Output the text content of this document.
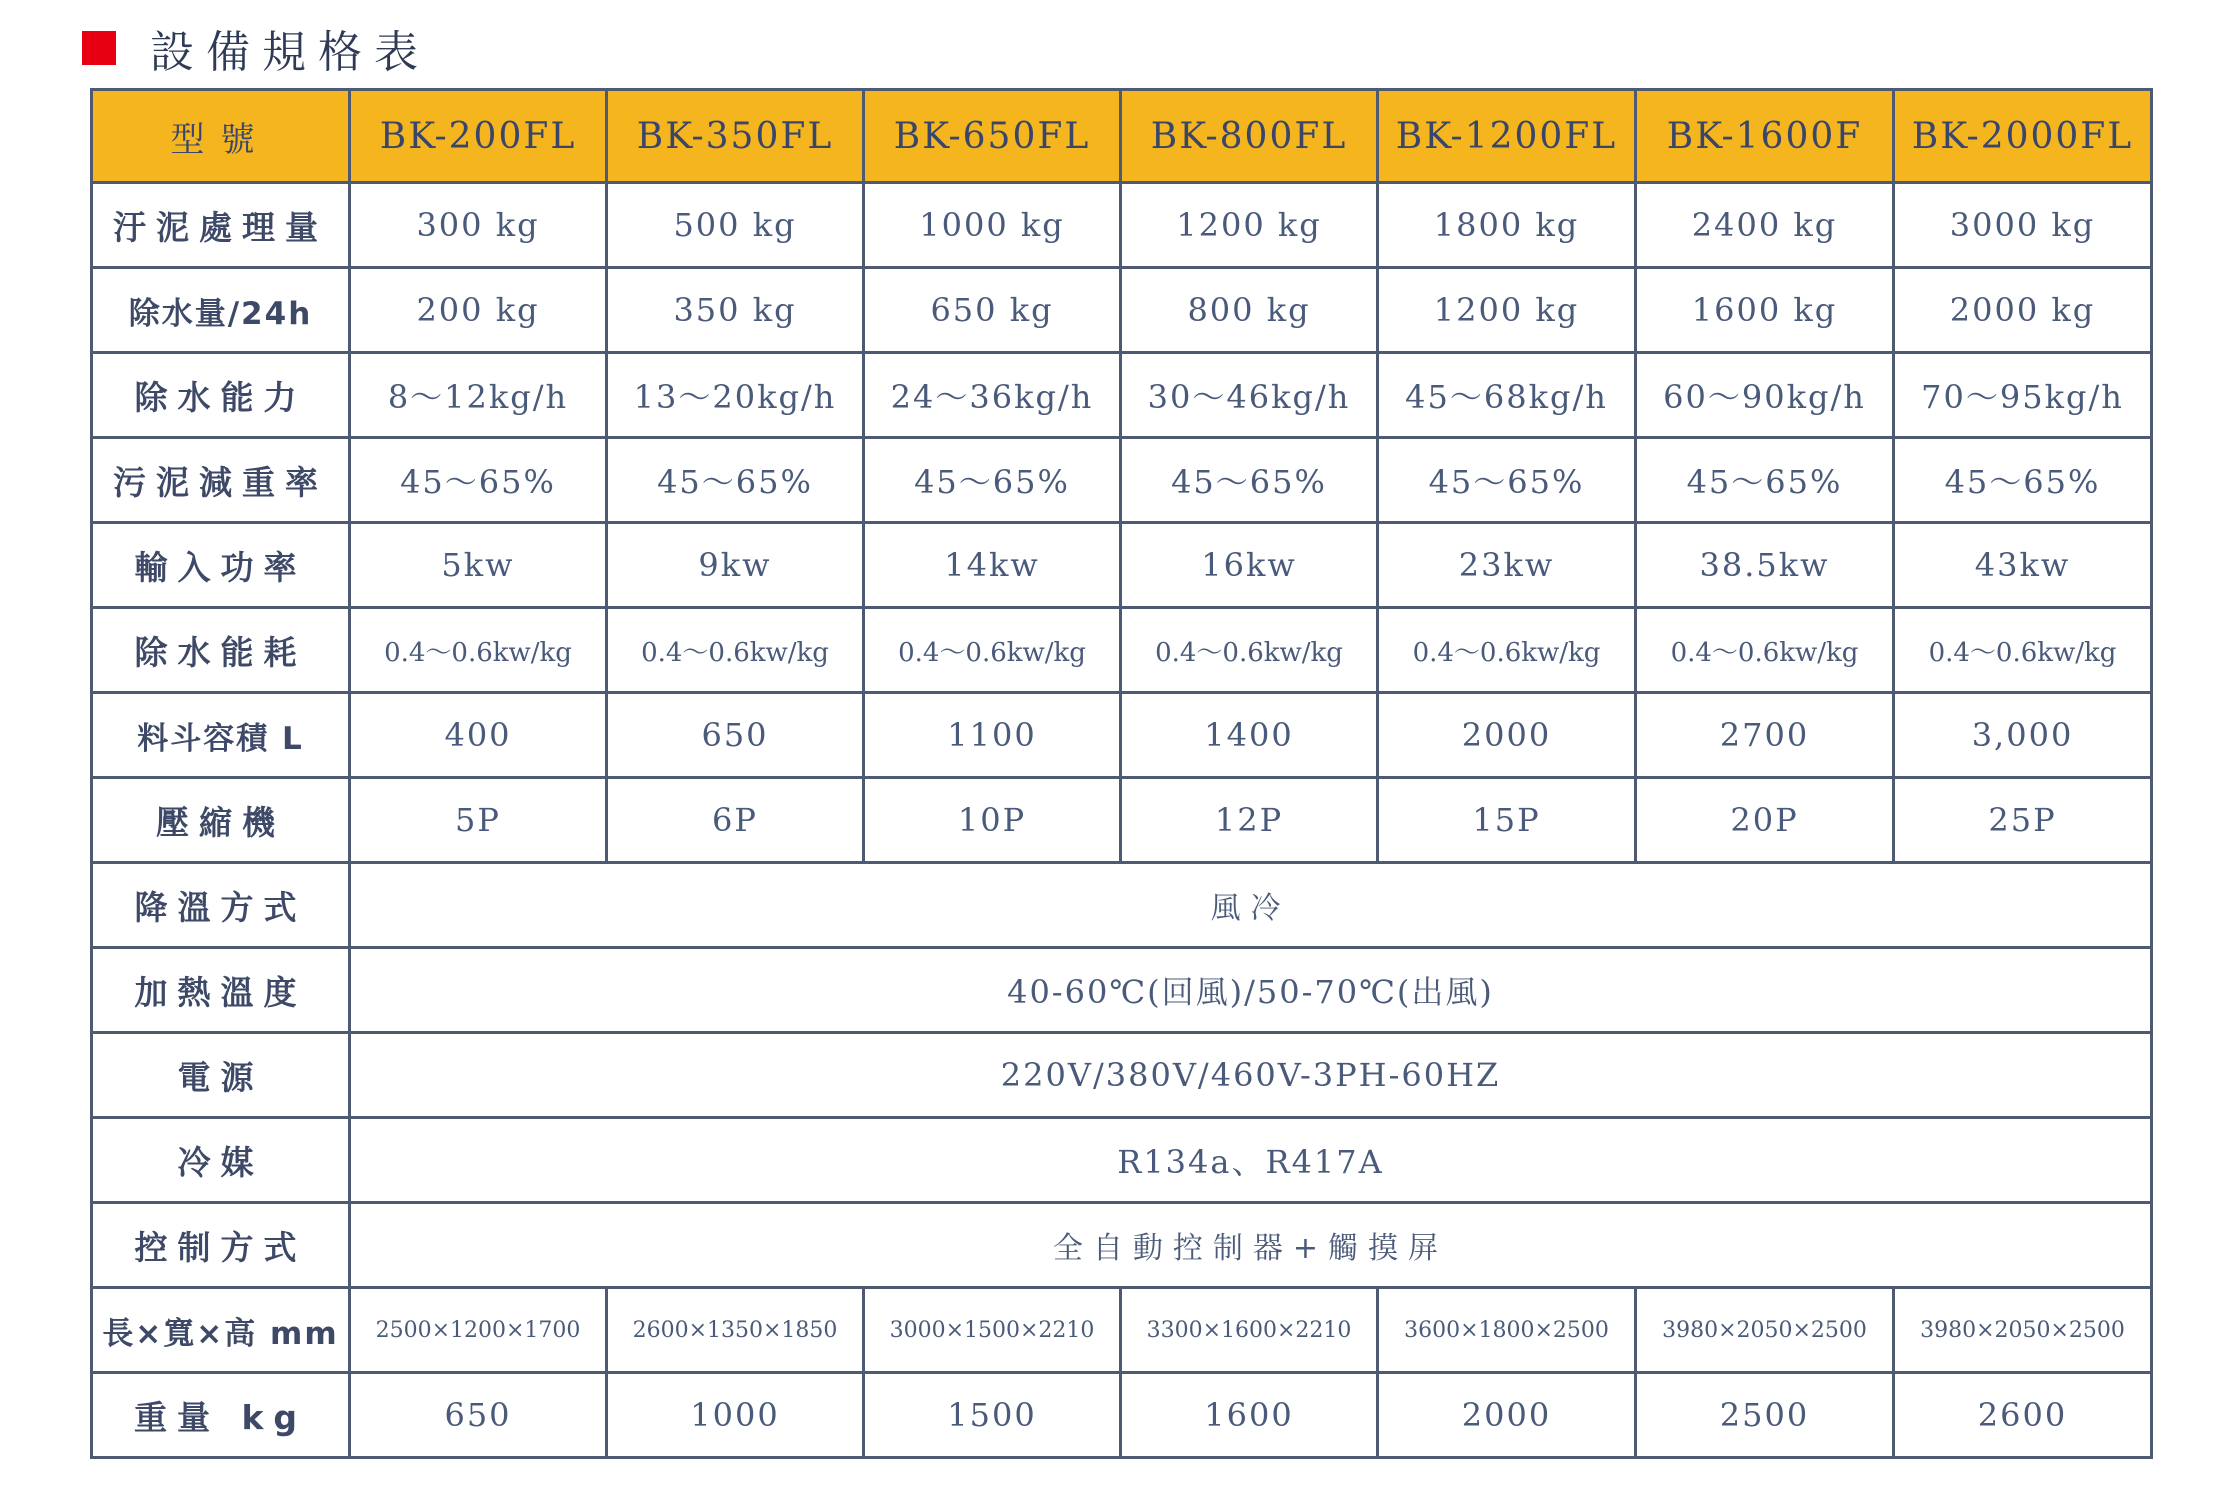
設備規格表
型號	BK-200FL	BK-350FL	BK-650FL	BK-800FL	BK-1200FL	BK-1600F	BK-2000FL
汙泥處理量	300 kg	500 kg	1000 kg	1200 kg	1800 kg	2400 kg	3000 kg
除水量/24h	200 kg	350 kg	650 kg	800 kg	1200 kg	1600 kg	2000 kg
除水能力	8～12kg/h	13～20kg/h	24～36kg/h	30～46kg/h	45～68kg/h	60～90kg/h	70～95kg/h
污泥減重率	45～65%	45～65%	45～65%	45～65%	45～65%	45～65%	45～65%
輸入功率	5kw	9kw	14kw	16kw	23kw	38.5kw	43kw
除水能耗	0.4～0.6kw/kg	0.4～0.6kw/kg	0.4～0.6kw/kg	0.4～0.6kw/kg	0.4～0.6kw/kg	0.4～0.6kw/kg	0.4～0.6kw/kg
料斗容積 L	400	650	1100	1400	2000	2700	3,000
壓縮機	5P	6P	10P	12P	15P	20P	25P
降溫方式	風冷						
加熱溫度	40-60℃(回風)/50-70℃(出風)						
電源	220V/380V/460V-3PH-60HZ						
冷媒	R134a、R417A						
控制方式	全自動控制器+觸摸屏						
長×寬×高 mm	2500×1200×1700	2600×1350×1850	3000×1500×2210	3300×1600×2210	3600×1800×2500	3980×2050×2500	3980×2050×2500
重量 kg	650	1000	1500	1600	2000	2500	2600
